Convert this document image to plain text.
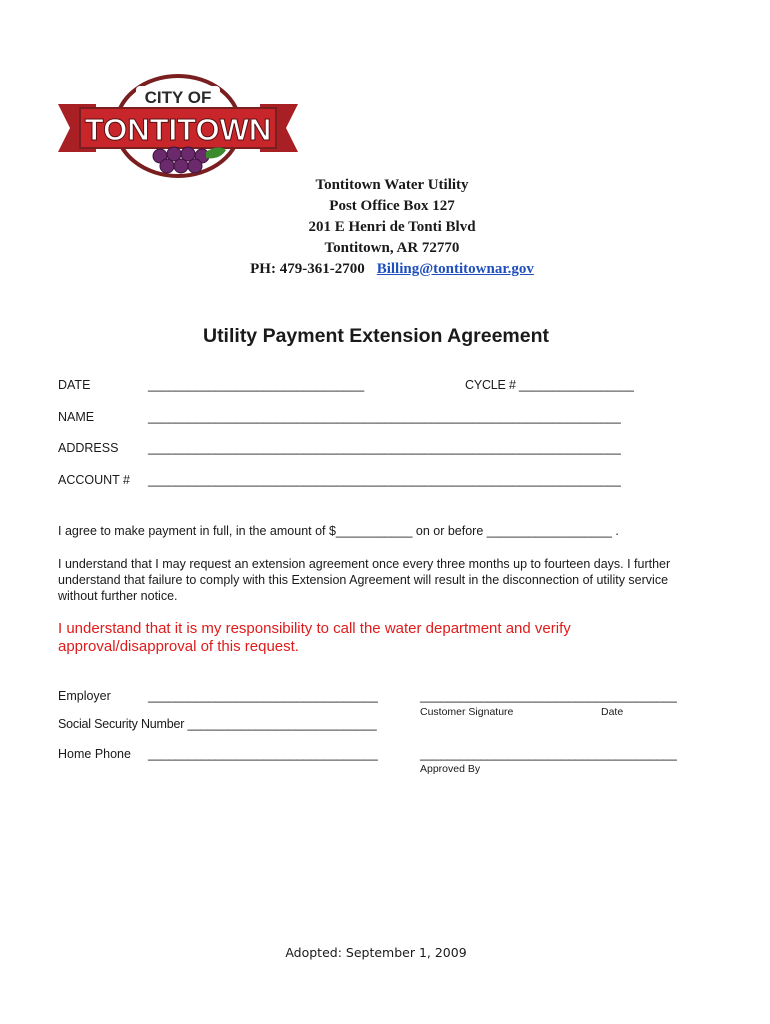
CITY OF
TONTITOWN
Tontitown Water Utility
Post Office Box 127
201 E Henri de Tonti Blvd
Tontitown, AR 72770
PH: 479-361-2700 Billing@tontitownar.gov
Utility Payment Extension Agreement
DATE	________________________________	CYCLE # _________________
NAME	______________________________________________________________________
ADDRESS ______________________________________________________________________
ACCOUNT # ______________________________________________________________________
I agree to make payment in full, in the amount of $___________ on or before __________________ .
I understand that I may request an extension agreement once every three months up to fourteen days. I further understand that failure to comply with this Extension Agreement will result in the disconnection of utility service without further notice.
I understand that it is my responsibility to call the water department and verify approval/disapproval of this request.
Employer	__________________________________
Social Security Number ____________________________
Home Phone __________________________________
______________________________________
Customer Signature	Date
______________________________________
Approved By
Adopted: September 1, 2009
